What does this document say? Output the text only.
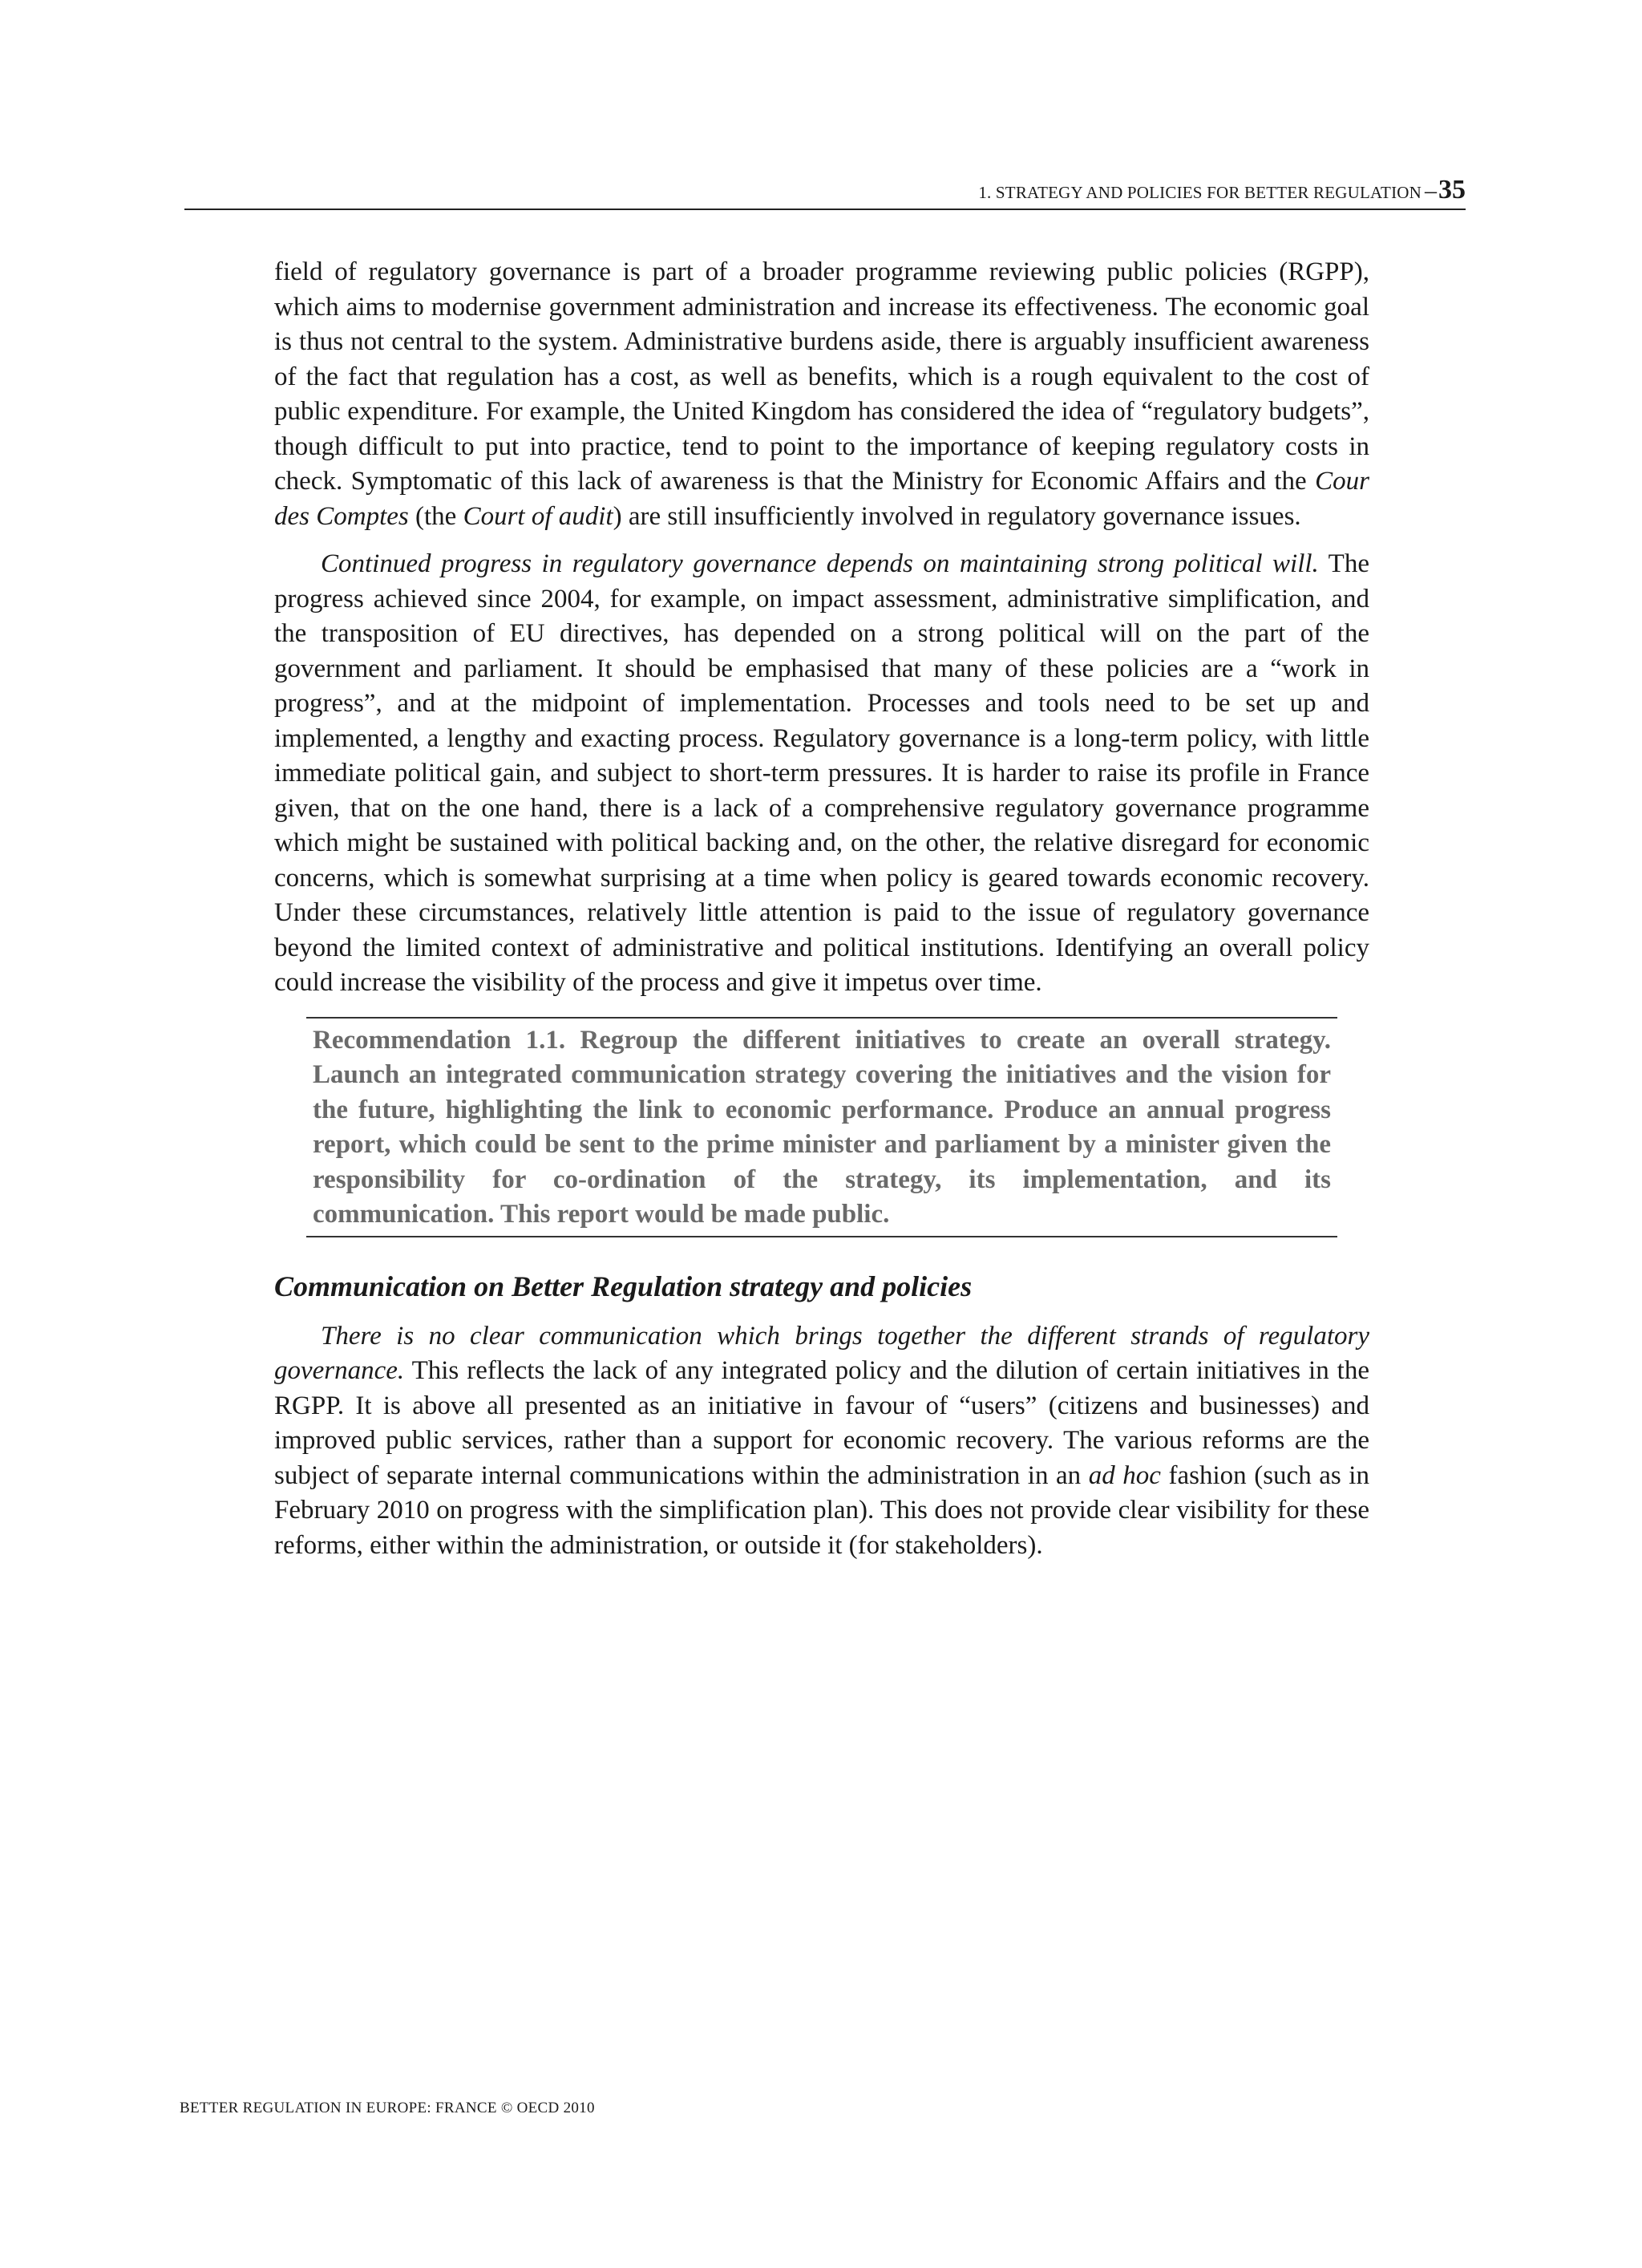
1. STRATEGY AND POLICIES FOR BETTER REGULATION –35

field of regulatory governance is part of a broader programme reviewing public policies (RGPP), which aims to modernise government administration and increase its effectiveness. The economic goal is thus not central to the system. Administrative burdens aside, there is arguably insufficient awareness of the fact that regulation has a cost, as well as benefits, which is a rough equivalent to the cost of public expenditure. For example, the United Kingdom has considered the idea of “regulatory budgets”, though difficult to put into practice, tend to point to the importance of keeping regulatory costs in check. Symptomatic of this lack of awareness is that the Ministry for Economic Affairs and the Cour des Comptes (the Court of audit) are still insufficiently involved in regulatory governance issues.

Continued progress in regulatory governance depends on maintaining strong political will. The progress achieved since 2004, for example, on impact assessment, administrative simplification, and the transposition of EU directives, has depended on a strong political will on the part of the government and parliament. It should be emphasised that many of these policies are a “work in progress”, and at the midpoint of implementation. Processes and tools need to be set up and implemented, a lengthy and exacting process. Regulatory governance is a long-term policy, with little immediate political gain, and subject to short-term pressures. It is harder to raise its profile in France given, that on the one hand, there is a lack of a comprehensive regulatory governance programme which might be sustained with political backing and, on the other, the relative disregard for economic concerns, which is somewhat surprising at a time when policy is geared towards economic recovery. Under these circumstances, relatively little attention is paid to the issue of regulatory governance beyond the limited context of administrative and political institutions. Identifying an overall policy could increase the visibility of the process and give it impetus over time.

Recommendation 1.1. Regroup the different initiatives to create an overall strategy. Launch an integrated communication strategy covering the initiatives and the vision for the future, highlighting the link to economic performance. Produce an annual progress report, which could be sent to the prime minister and parliament by a minister given the responsibility for co-ordination of the strategy, its implementation, and its communication. This report would be made public.

Communication on Better Regulation strategy and policies

There is no clear communication which brings together the different strands of regulatory governance. This reflects the lack of any integrated policy and the dilution of certain initiatives in the RGPP. It is above all presented as an initiative in favour of “users” (citizens and businesses) and improved public services, rather than a support for economic recovery. The various reforms are the subject of separate internal communications within the administration in an ad hoc fashion (such as in February 2010 on progress with the simplification plan). This does not provide clear visibility for these reforms, either within the administration, or outside it (for stakeholders).

BETTER REGULATION IN EUROPE: FRANCE © OECD 2010
